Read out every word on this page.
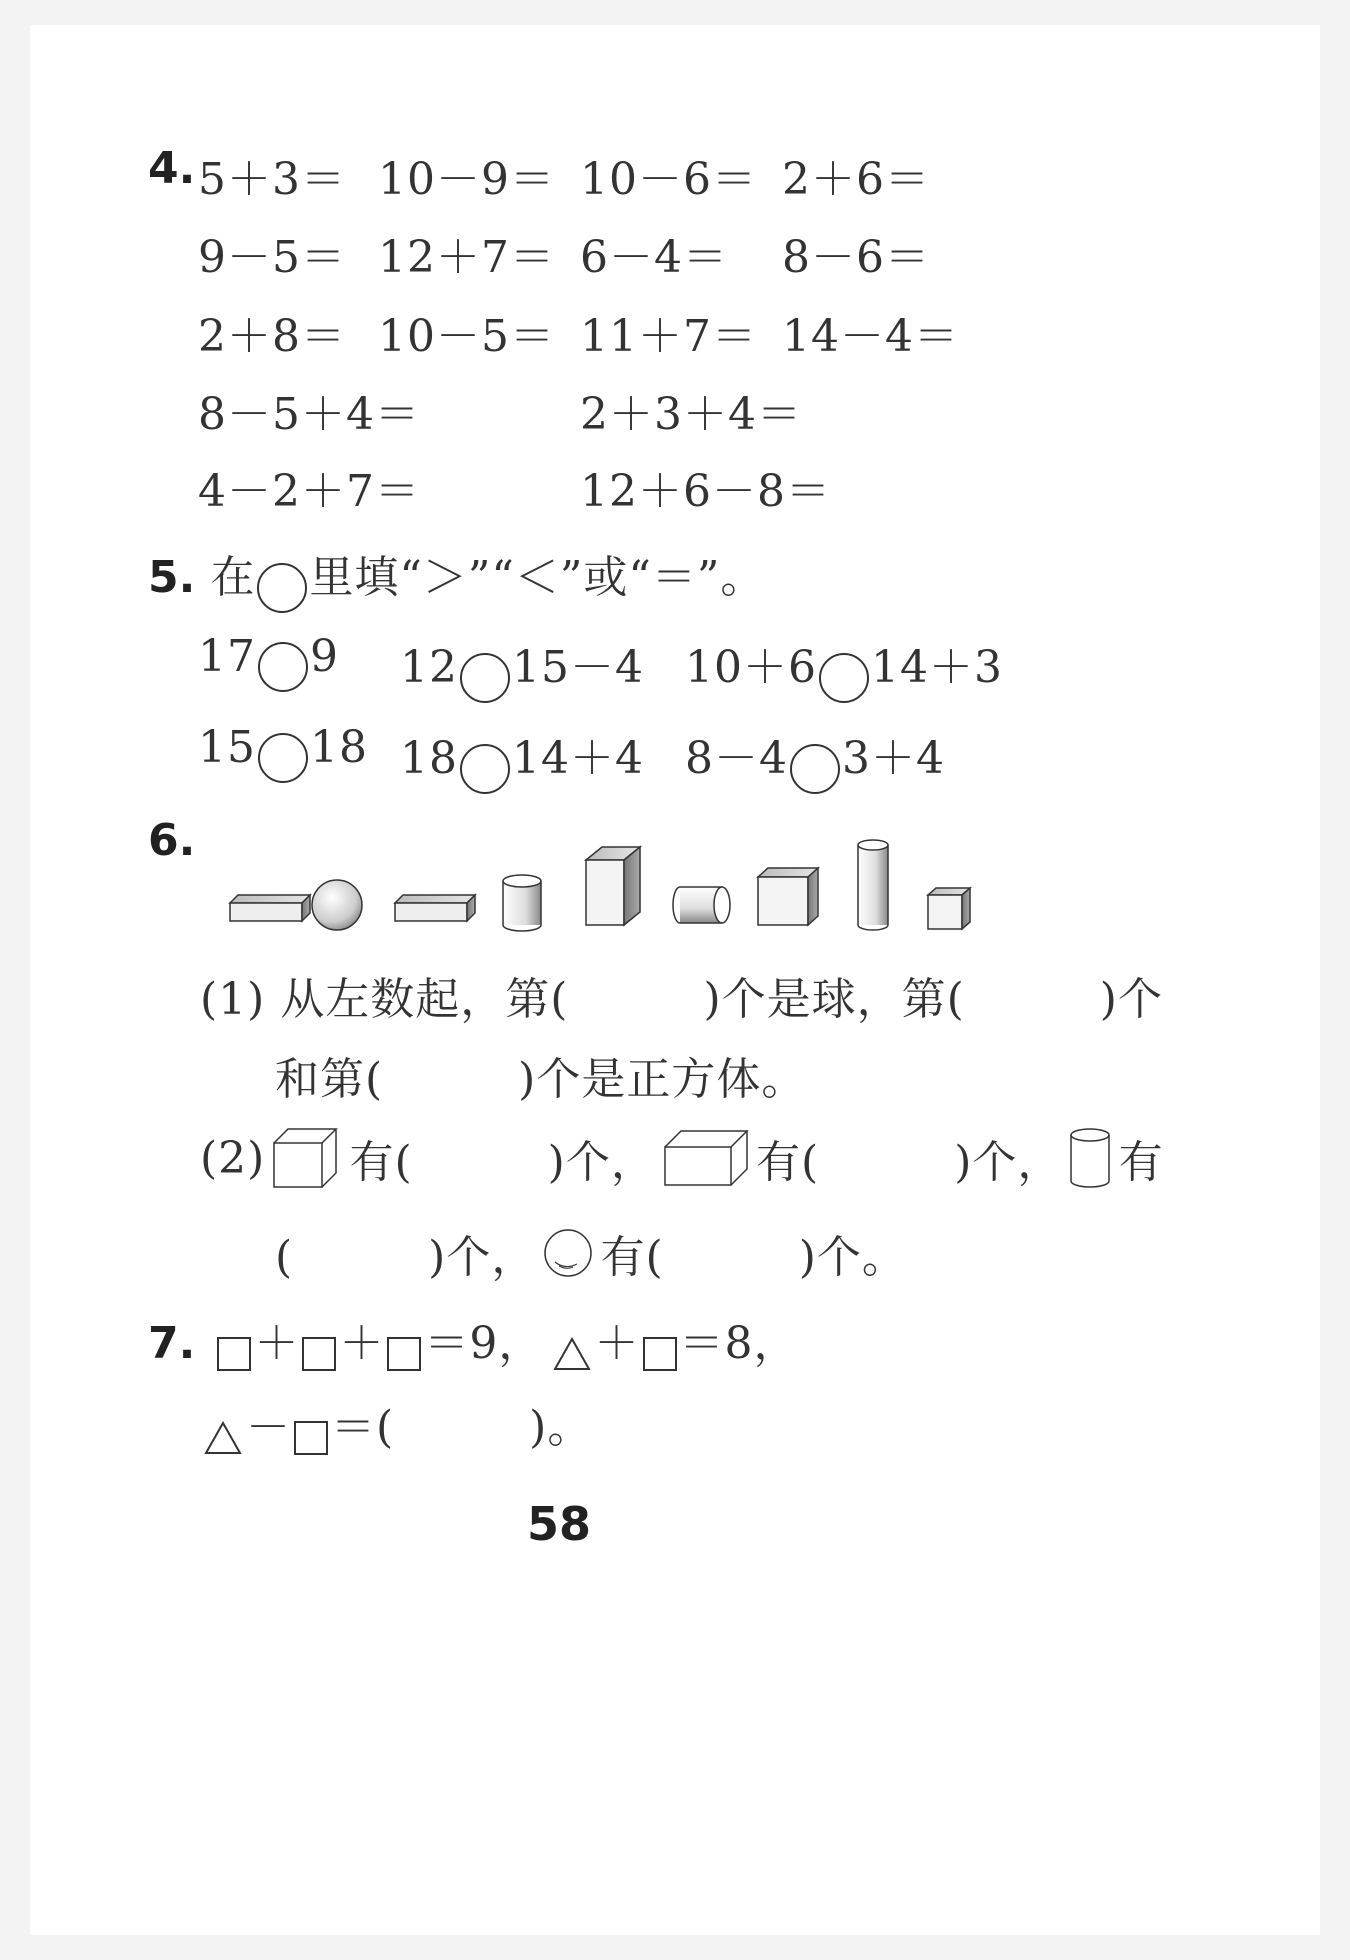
4. 5＋3＝ 10－9＝ 10－6＝ 2＋6＝
9－5＝ 12＋7＝ 6－4＝ 8－6＝
2＋8＝ 10－5＝ 11＋7＝ 14－4＝
8－5＋4＝	2＋3＋4＝
4－2＋7＝	12＋6－8＝
5. 在 里填“＞”“＜”或“＝”。
17 9 12 15－4 10＋6 14＋3
15 18 18 14＋4 8－4 3＋4
6.
(1) 从左数起，第(　　　)个是球，第(　　　)个
和第(　　　)个是正方体。
(2) 有(　　　)个， 有(　　　)个， 有
(　　　)个， 有(　　　)个。
7. ＋ ＋ ＝9， ＋ ＝8，
－ ＝(　　　)。
58
